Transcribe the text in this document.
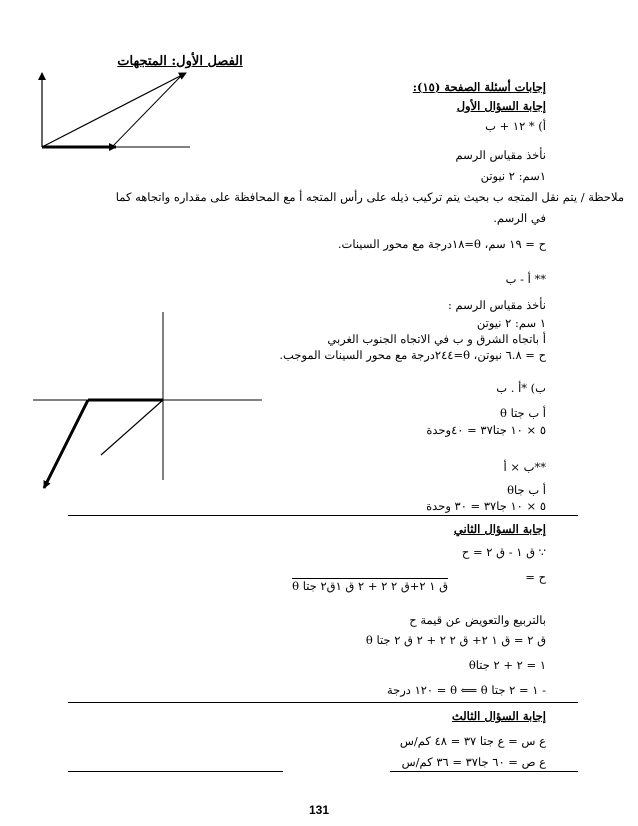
الفصل الأول: المتجهات
إجابات أسئلة الصفحة (١٥):
إجابة السؤال الأول
أ) * ١٢ + ب
نأخذ مقياس الرسم
١سم: ٢ نيوتن
ملاحظة / يتم نقل المتجه ب بحيث يتم تركيب ذيله على رأس المتجه أ مع المحافظة على مقداره واتجاهه كما
في الرسم.
ح = ١٩ سم، θ=١٨درجة مع محور السينات.
** أ - ب
نأخذ مقياس الرسم :
١ سم: ٢ نيوتن
أ باتجاه الشرق و ب في الاتجاه الجنوب الغربي
ح = ٦.٨ نيوتن، θ=٢٤٤درجة مع محور السينات الموجب.
ب) *أ . ب
أ ب جتا θ
٥ × ١٠ جتا٣٧ = ٤٠وحدة
**ب × أ
أ ب جاθ
٥ × ١٠ جا٣٧ = ٣٠ وحدة
إجابة السؤال الثاني
∵ ق ١ - ق ٢ = ح
ح =
ق ١ ٢+ق ٢ ٢ + ٢ ق ١ق٢ جتا θ
بالتربيع والتعويض عن قيمة ح
ق ٢ = ق ١ ٢+ ق ٢ ٢ + ٢ ق ٢ جتا θ
١ = ٢ + ٢ جتاθ
- ١ = ٢ جتا θ ⟸ θ = ١٢٠ درجة
إجابة السؤال الثالث
ع س = ع جتا ٣٧ = ٤٨ كم/س
ع ص = ٦٠ جا٣٧ = ٣٦ كم/س
131
